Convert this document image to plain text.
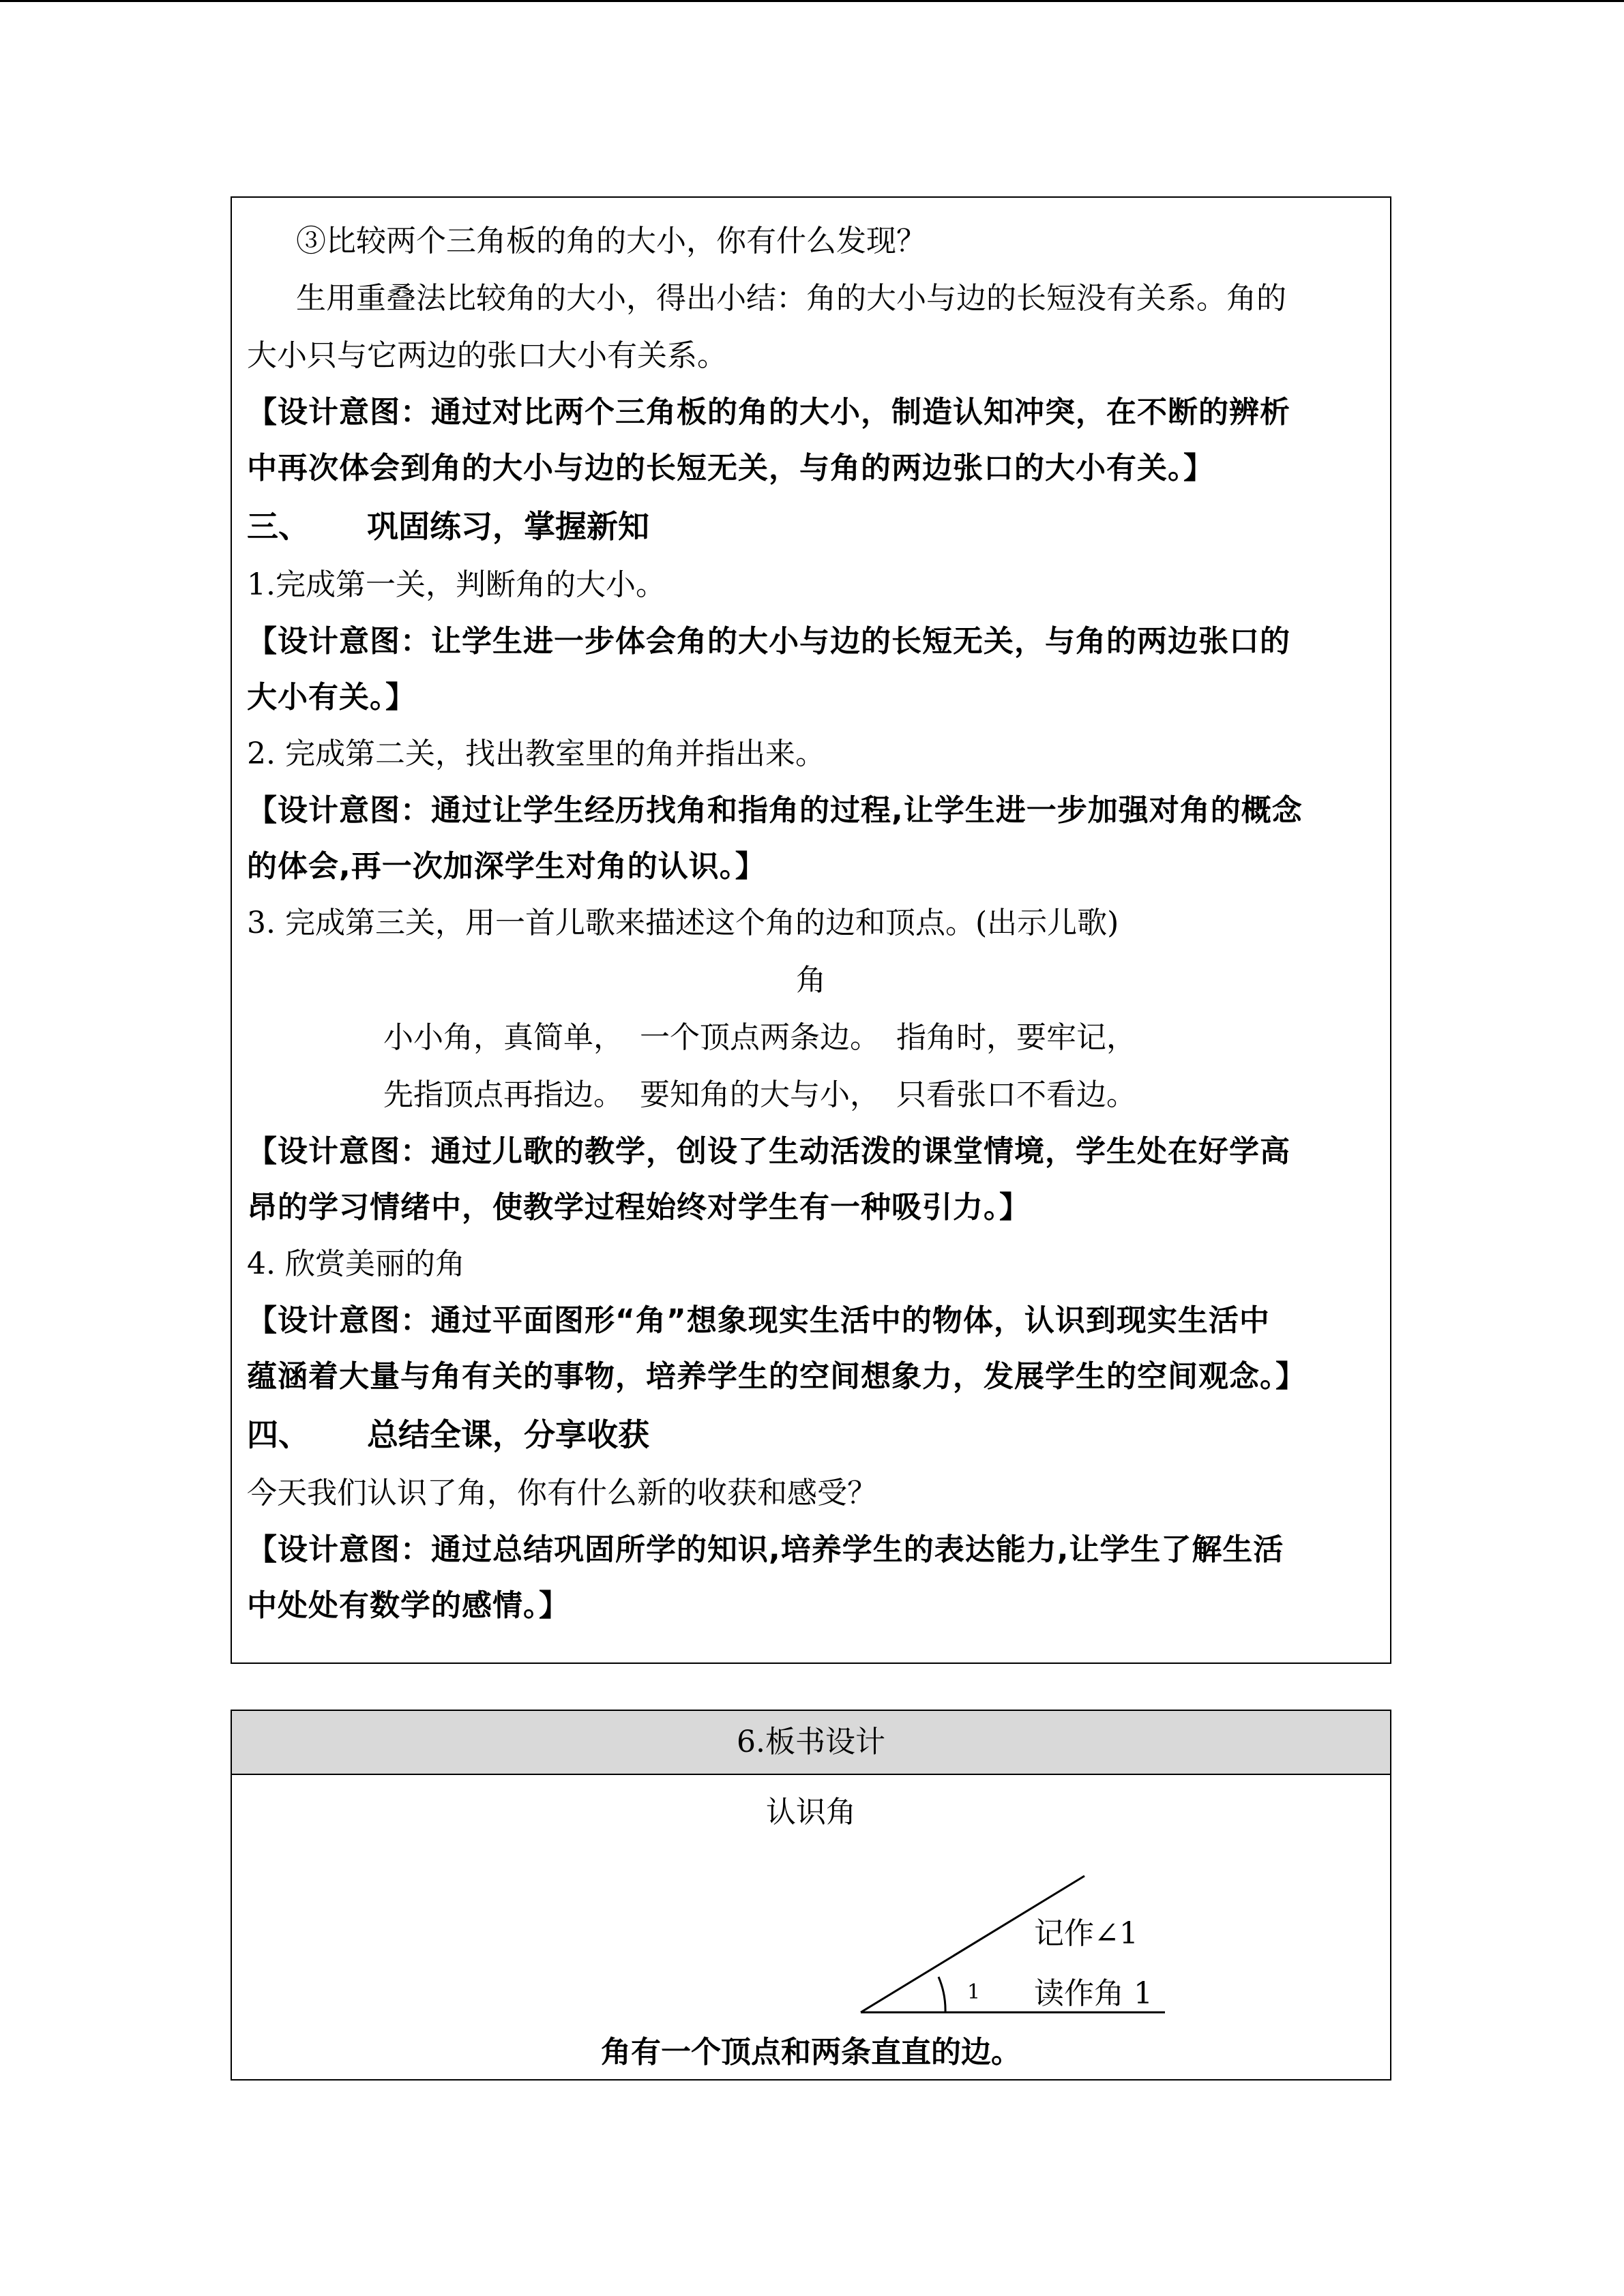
③比较两个三角板的角的大小，你有什么发现？
生用重叠法比较角的大小，得出小结：角的大小与边的长短没有关系。角的
大小只与它两边的张口大小有关系。
【设计意图：通过对比两个三角板的角的大小，制造认知冲突，在不断的辨析
中再次体会到角的大小与边的长短无关，与角的两边张口的大小有关。】
三、 巩固练习，掌握新知
1.完成第一关，判断角的大小。
【设计意图：让学生进一步体会角的大小与边的长短无关，与角的两边张口的
大小有关。】
2. 完成第二关，找出教室里的角并指出来。
【设计意图：通过让学生经历找角和指角的过程,让学生进一步加强对角的概念
的体会,再一次加深学生对角的认识。】
3. 完成第三关，用一首儿歌来描述这个角的边和顶点。(出示儿歌)
角
小小角，真简单， 一个顶点两条边。 指角时，要牢记，
先指顶点再指边。 要知角的大与小， 只看张口不看边。
【设计意图：通过儿歌的教学，创设了生动活泼的课堂情境，学生处在好学高
昂的学习情绪中，使教学过程始终对学生有一种吸引力。】
4. 欣赏美丽的角
【设计意图：通过平面图形“角”想象现实生活中的物体，认识到现实生活中
蕴涵着大量与角有关的事物，培养学生的空间想象力，发展学生的空间观念。】
四、 总结全课，分享收获
今天我们认识了角，你有什么新的收获和感受？
【设计意图：通过总结巩固所学的知识,培养学生的表达能力,让学生了解生活
中处处有数学的感情。】
6.板书设计
认识角
1
记作∠1
读作角 1
角有一个顶点和两条直直的边。
